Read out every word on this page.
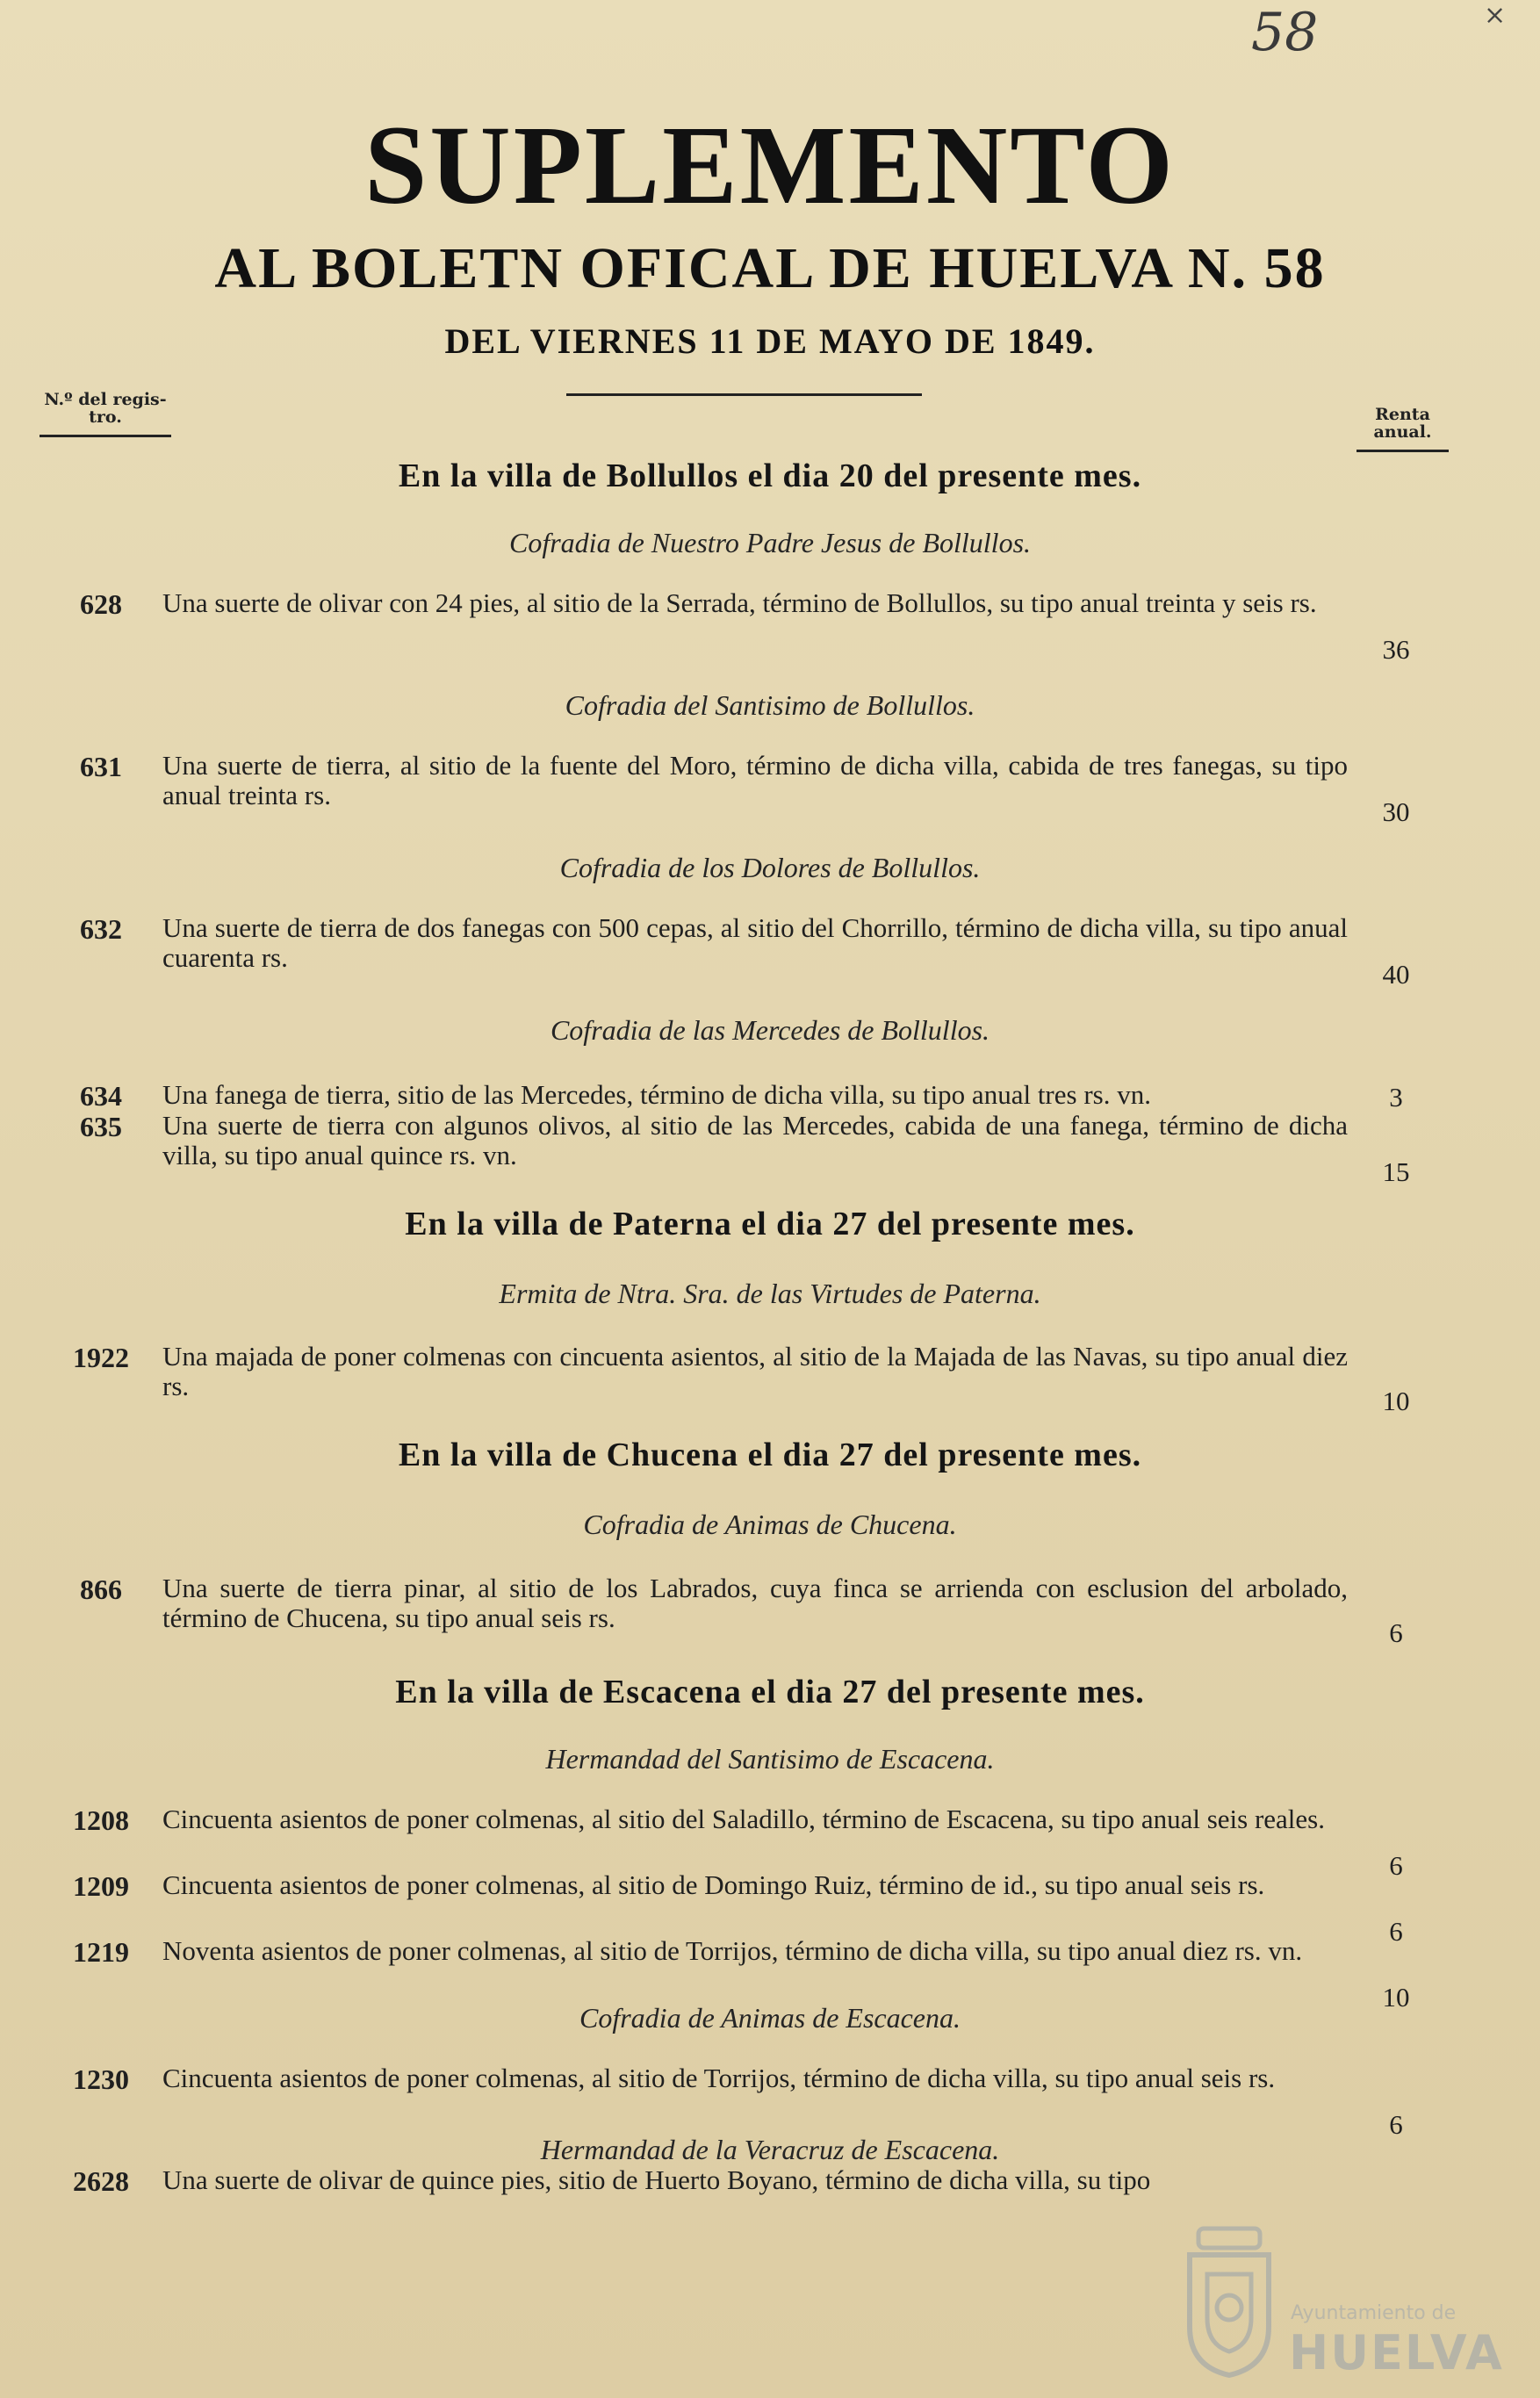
58	×
SUPLEMENTO
AL BOLETN OFICAL DE HUELVA N. 58
DEL VIERNES 11 DE MAYO DE 1849.
N.º del regis-
tro.	Renta
anual.
En la villa de Bollullos el dia 20 del presente mes.
Cofradia de Nuestro Padre Jesus de Bollullos.
628	Una suerte de olivar con 24 pies, al sitio de la Serrada, término de Bollullos, su tipo anual treinta y seis rs.
36
Cofradia del Santisimo de Bollullos.
631	Una suerte de tierra, al sitio de la fuente del Moro, término de dicha villa, cabida de tres fanegas, su tipo anual treinta rs.
30
Cofradia de los Dolores de Bollullos.
632	Una suerte de tierra de dos fanegas con 500 cepas, al sitio del Chorrillo, término de dicha villa, su tipo anual cuarenta rs.
40
Cofradia de las Mercedes de Bollullos.
634	Una fanega de tierra, sitio de las Mercedes, término de dicha villa, su tipo anual tres rs. vn.	3
635	Una suerte de tierra con algunos olivos, al sitio de las Mercedes, cabida de una fanega, término de dicha villa, su tipo anual quince rs. vn.
15
En la villa de Paterna el dia 27 del presente mes.
Ermita de Ntra. Sra. de las Virtudes de Paterna.
1922	Una majada de poner colmenas con cincuenta asientos, al sitio de la Majada de las Navas, su tipo anual diez rs.	10
En la villa de Chucena el dia 27 del presente mes.
Cofradia de Animas de Chucena.
866	Una suerte de tierra pinar, al sitio de los Labrados, cuya finca se arrienda con esclusion del arbolado, término de Chucena, su tipo anual seis rs.	6
En la villa de Escacena el dia 27 del presente mes.
Hermandad del Santisimo de Escacena.
1208	Cincuenta asientos de poner colmenas, al sitio del Saladillo, término de Escacena, su tipo anual seis reales.
6
1209	Cincuenta asientos de poner colmenas, al sitio de Domingo Ruiz, término de id., su tipo anual seis rs.
6
1219	Noventa asientos de poner colmenas, al sitio de Torrijos, término de dicha villa, su tipo anual diez rs. vn.
10
Cofradia de Animas de Escacena.
1230	Cincuenta asientos de poner colmenas, al sitio de Torrijos, término de dicha villa, su tipo anual seis rs.
6
Hermandad de la Veracruz de Escacena.
2628	Una suerte de olivar de quince pies, sitio de Huerto Boyano, término de dicha villa, su tipo
Ayuntamiento de
HUELVA
